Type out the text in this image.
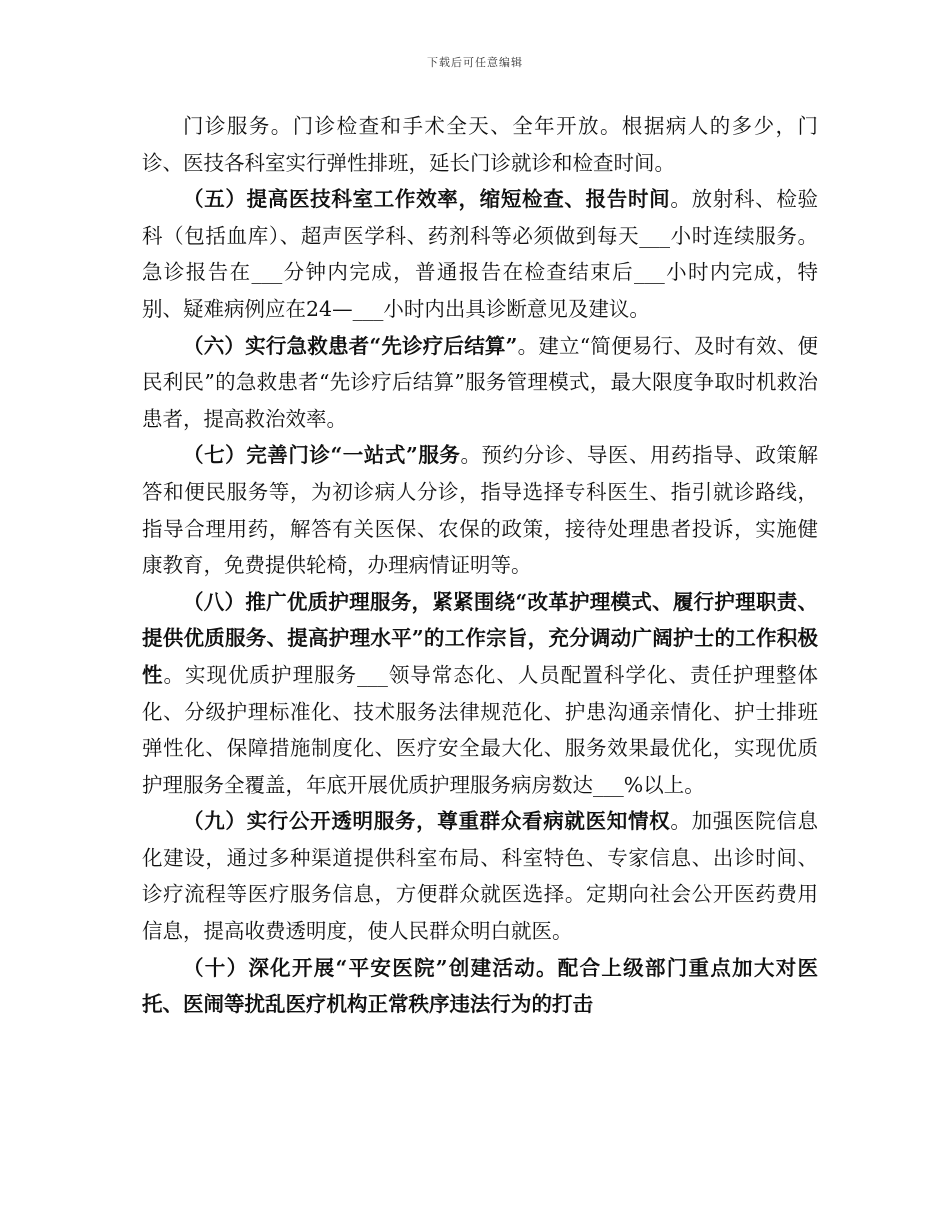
下载后可任意编辑

门诊服务。门诊检查和手术全天、全年开放。根据病人的多少，门诊、医技各科室实行弹性排班，延长门诊就诊和检查时间。

（五）提高医技科室工作效率，缩短检查、报告时间。放射科、检验科（包括血库）、超声医学科、药剂科等必须做到每天___小时连续服务。急诊报告在___分钟内完成，普通报告在检查结束后___小时内完成，特别、疑难病例应在24—___小时内出具诊断意见及建议。

（六）实行急救患者“先诊疗后结算”。建立“简便易行、及时有效、便民利民”的急救患者“先诊疗后结算”服务管理模式，最大限度争取时机救治患者，提高救治效率。

（七）完善门诊“一站式”服务。预约分诊、导医、用药指导、政策解答和便民服务等，为初诊病人分诊，指导选择专科医生、指引就诊路线，指导合理用药，解答有关医保、农保的政策，接待处理患者投诉，实施健康教育，免费提供轮椅，办理病情证明等。

（八）推广优质护理服务，紧紧围绕“改革护理模式、履行护理职责、提供优质服务、提高护理水平”的工作宗旨，充分调动广阔护士的工作积极性。实现优质护理服务___领导常态化、人员配置科学化、责任护理整体化、分级护理标准化、技术服务法律规范化、护患沟通亲情化、护士排班弹性化、保障措施制度化、医疗安全最大化、服务效果最优化，实现优质护理服务全覆盖，年底开展优质护理服务病房数达___%以上。

（九）实行公开透明服务，尊重群众看病就医知情权。加强医院信息化建设，通过多种渠道提供科室布局、科室特色、专家信息、出诊时间、诊疗流程等医疗服务信息，方便群众就医选择。定期向社会公开医药费用信息，提高收费透明度，使人民群众明白就医。

（十）深化开展“平安医院”创建活动。配合上级部门重点加大对医托、医闹等扰乱医疗机构正常秩序违法行为的打击
